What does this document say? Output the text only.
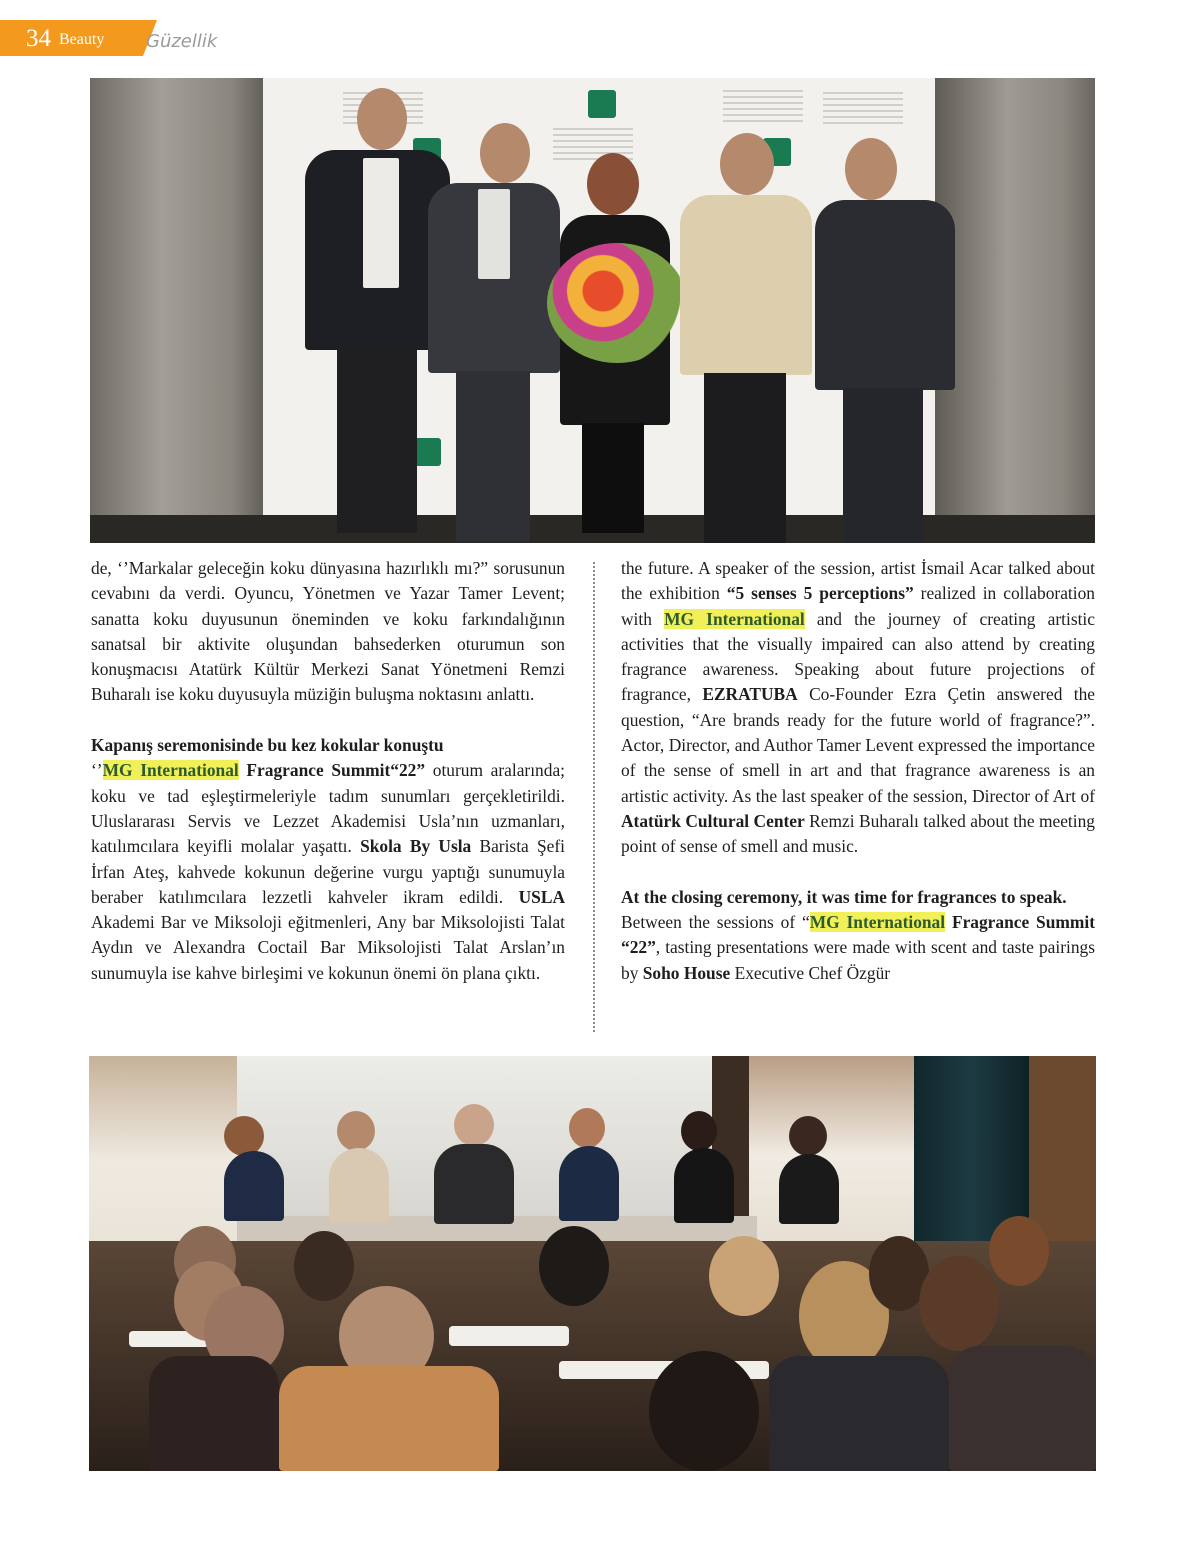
34 Beauty Güzellik

de, ‘’Markalar geleceğin koku dünyasına hazırlıklı mı?” sorusunun cevabını da verdi. Oyuncu, Yönetmen ve Yazar Tamer Levent; sanatta koku duyusunun öneminden ve koku farkındalığının sanatsal bir aktivite oluşundan bahsederken oturumun son konuşmacısı Atatürk Kültür Merkezi Sanat Yönetmeni Remzi Buharalı ise koku duyusuyla müziğin buluşma noktasını anlattı.

Kapanış seremonisinde bu kez kokular konuştu

‘’MG International Fragrance Summit“22” oturum aralarında; koku ve tad eşleştirmeleriyle tadım sunumları gerçekletirildi. Uluslararası Servis ve Lezzet Akademisi Usla’nın uzmanları, katılımcılara keyifli molalar yaşattı. Skola By Usla Barista Şefi İrfan Ateş, kahvede kokunun değerine vurgu yaptığı sunumuyla beraber katılımcılara lezzetli kahveler ikram edildi. USLA Akademi Bar ve Miksoloji eğitmenleri, Any bar Miksolojisti Talat Aydın ve Alexandra Coctail Bar Miksolojisti Talat Arslan’ın sunumuyla ise kahve birleşimi ve kokunun önemi ön plana çıktı.

the future. A speaker of the session, artist İsmail Acar talked about the exhibition “5 senses 5 perceptions” realized in collaboration with MG International and the journey of creating artistic activities that the visually impaired can also attend by creating fragrance awareness. Speaking about future projections of fragrance, EZRATUBA Co-Founder Ezra Çetin answered the question, “Are brands ready for the future world of fragrance?”. Actor, Director, and Author Tamer Levent expressed the importance of the sense of smell in art and that fragrance awareness is an artistic activity. As the last speaker of the session, Director of Art of Atatürk Cultural Center Remzi Buharalı talked about the meeting point of sense of smell and music.

At the closing ceremony, it was time for fragrances to speak.

Between the sessions of “MG International Fragrance Summit “22”, tasting presentations were made with scent and taste pairings by Soho House Executive Chef Özgür
